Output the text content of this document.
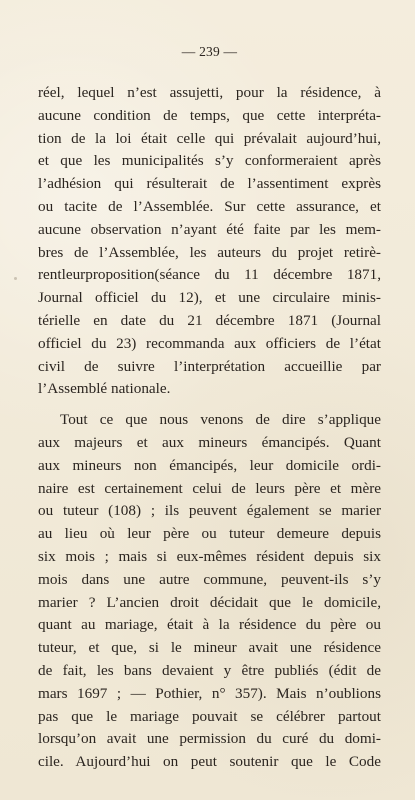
— 239 —
réel, lequel n’est assujetti, pour la résidence, à
aucune condition de temps, que cette interpréta-
tion de la loi était celle qui prévalait aujourd’hui,
et que les municipalités s’y conformeraient après
l’adhésion qui résulterait de l’assentiment exprès
ou tacite de l’Assemblée. Sur cette assurance, et
aucune observation n’ayant été faite par les mem-
bres de l’Assemblée, les auteurs du projet retirè-
rentleurproposition(séance du 11 décembre 1871,
Journal officiel du 12), et une circulaire minis-
térielle en date du 21 décembre 1871 (Journal
officiel du 23) recommanda aux officiers de l’état
civil de suivre l’interprétation accueillie par
l’Assemblé nationale.
Tout ce que nous venons de dire s’applique
aux majeurs et aux mineurs émancipés. Quant
aux mineurs non émancipés, leur domicile ordi-
naire est certainement celui de leurs père et mère
ou tuteur (108) ; ils peuvent également se marier
au lieu où leur père ou tuteur demeure depuis
six mois ; mais si eux-mêmes résident depuis six
mois dans une autre commune, peuvent-ils s’y
marier ? L’ancien droit décidait que le domicile,
quant au mariage, était à la résidence du père ou
tuteur, et que, si le mineur avait une résidence
de fait, les bans devaient y être publiés (édit de
mars 1697 ; — Pothier, n° 357). Mais n’oublions
pas que le mariage pouvait se célébrer partout
lorsqu’on avait une permission du curé du domi-
cile. Aujourd’hui on peut soutenir que le Code
